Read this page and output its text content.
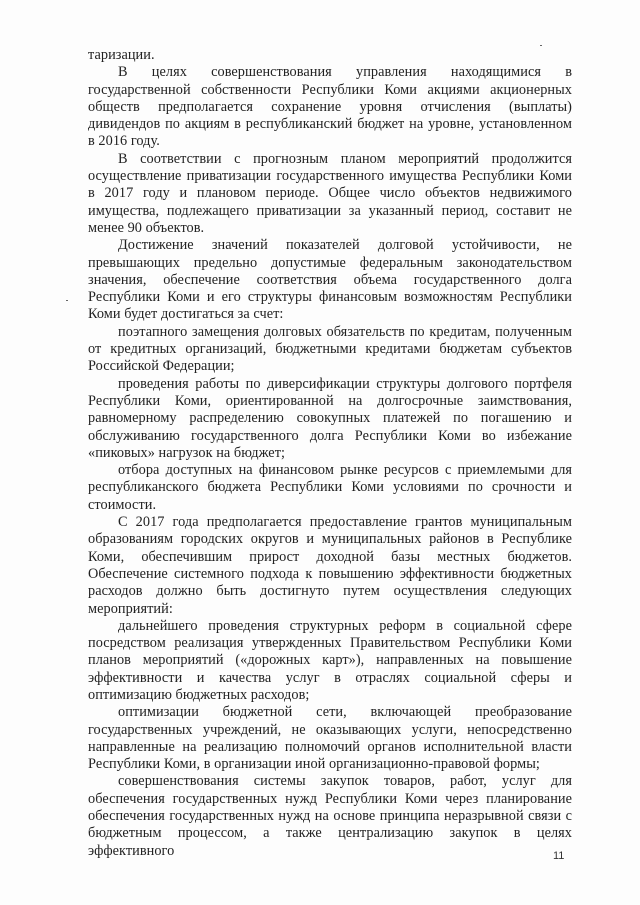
таризации.

В целях совершенствования управления находящимися в государственной собственности Республики Коми акциями акционерных обществ предполагается сохранение уровня отчисления (выплаты) дивидендов по акциям в республиканский бюджет на уровне, установленном в 2016 году.

В соответствии с прогнозным планом мероприятий продолжится осуществление приватизации государственного имущества Республики Коми в 2017 году и плановом периоде. Общее число объектов недвижимого имущества, подлежащего приватизации за указанный период, составит не менее 90 объектов.

Достижение значений показателей долговой устойчивости, не превышающих предельно допустимые федеральным законодательством значения, обеспечение соответствия объема государственного долга Республики Коми и его структуры финансовым возможностям Республики Коми будет достигаться за счет:

поэтапного замещения долговых обязательств по кредитам, полученным от кредитных организаций, бюджетными кредитами бюджетам субъектов Российской Федерации;

проведения работы по диверсификации структуры долгового портфеля Республики Коми, ориентированной на долгосрочные заимствования, равномерному распределению совокупных платежей по погашению и обслуживанию государственного долга Республики Коми во избежание «пиковых» нагрузок на бюджет;

отбора доступных на финансовом рынке ресурсов с приемлемыми для республиканского бюджета Республики Коми условиями по срочности и стоимости.

С 2017 года предполагается предоставление грантов муниципальным образованиям городских округов и муниципальных районов в Республике Коми, обеспечившим прирост доходной базы местных бюджетов. Обеспечение системного подхода к повышению эффективности бюджетных расходов должно быть достигнуто путем осуществления следующих мероприятий:

дальнейшего проведения структурных реформ в социальной сфере посредством реализация утвержденных Правительством Республики Коми планов мероприятий («дорожных карт»), направленных на повышение эффективности и качества услуг в отраслях социальной сферы и оптимизацию бюджетных расходов;

оптимизации бюджетной сети, включающей преобразование государственных учреждений, не оказывающих услуги, непосредственно направленные на реализацию полномочий органов исполнительной власти Республики Коми, в организации иной организационно-правовой формы;

совершенствования системы закупок товаров, работ, услуг для обеспечения государственных нужд Республики Коми через планирование обеспечения государственных нужд на основе принципа неразрывной связи с бюджетным процессом, а также централизацию закупок в целях эффективного	11
